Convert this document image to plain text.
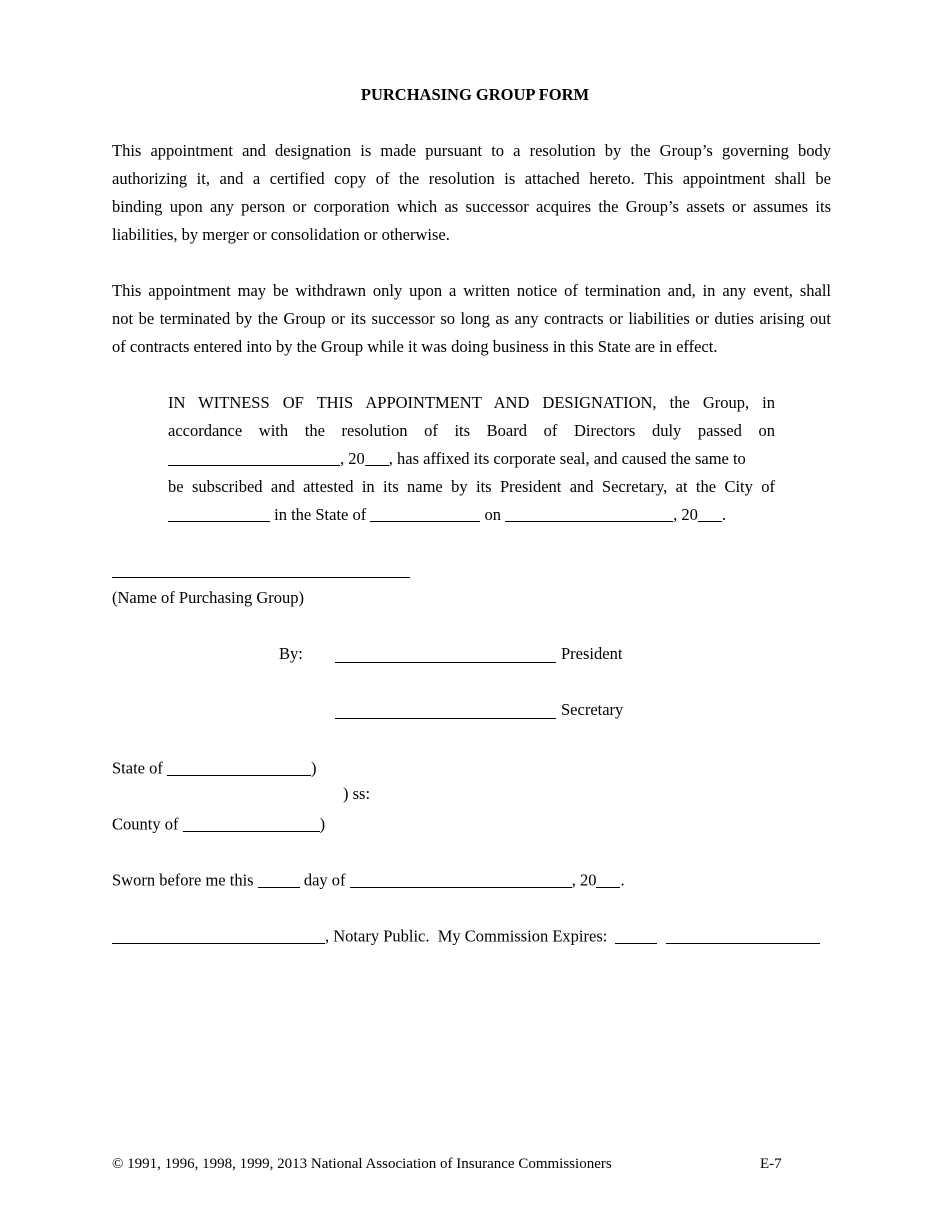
PURCHASING GROUP FORM
This appointment and designation is made pursuant to a resolution by the Group’s governing body
authorizing it, and a certified copy of the resolution is attached hereto. This appointment shall be
binding upon any person or corporation which as successor acquires the Group’s assets or assumes its
liabilities, by merger or consolidation or otherwise.
This appointment may be withdrawn only upon a written notice of termination and, in any event, shall
not be terminated by the Group or its successor so long as any contracts or liabilities or duties arising out
of contracts entered into by the Group while it was doing business in this State are in effect.
IN WITNESS OF THIS APPOINTMENT AND DESIGNATION, the Group, in
accordance with the resolution of its Board of Directors duly passed on
, 20 , has affixed its corporate seal, and caused the same to
be subscribed and attested in its name by its President and Secretary, at the City of
in the State of	on	, 20 .
(Name of Purchasing Group)
By:	President
Secretary
State of	)
) ss:
County of	)
Sworn before me this	day of	, 20 .
, Notary Public.  My Commission Expires:
© 1991, 1996, 1998, 1999, 2013 National Association of Insurance Commissioners	E-7
